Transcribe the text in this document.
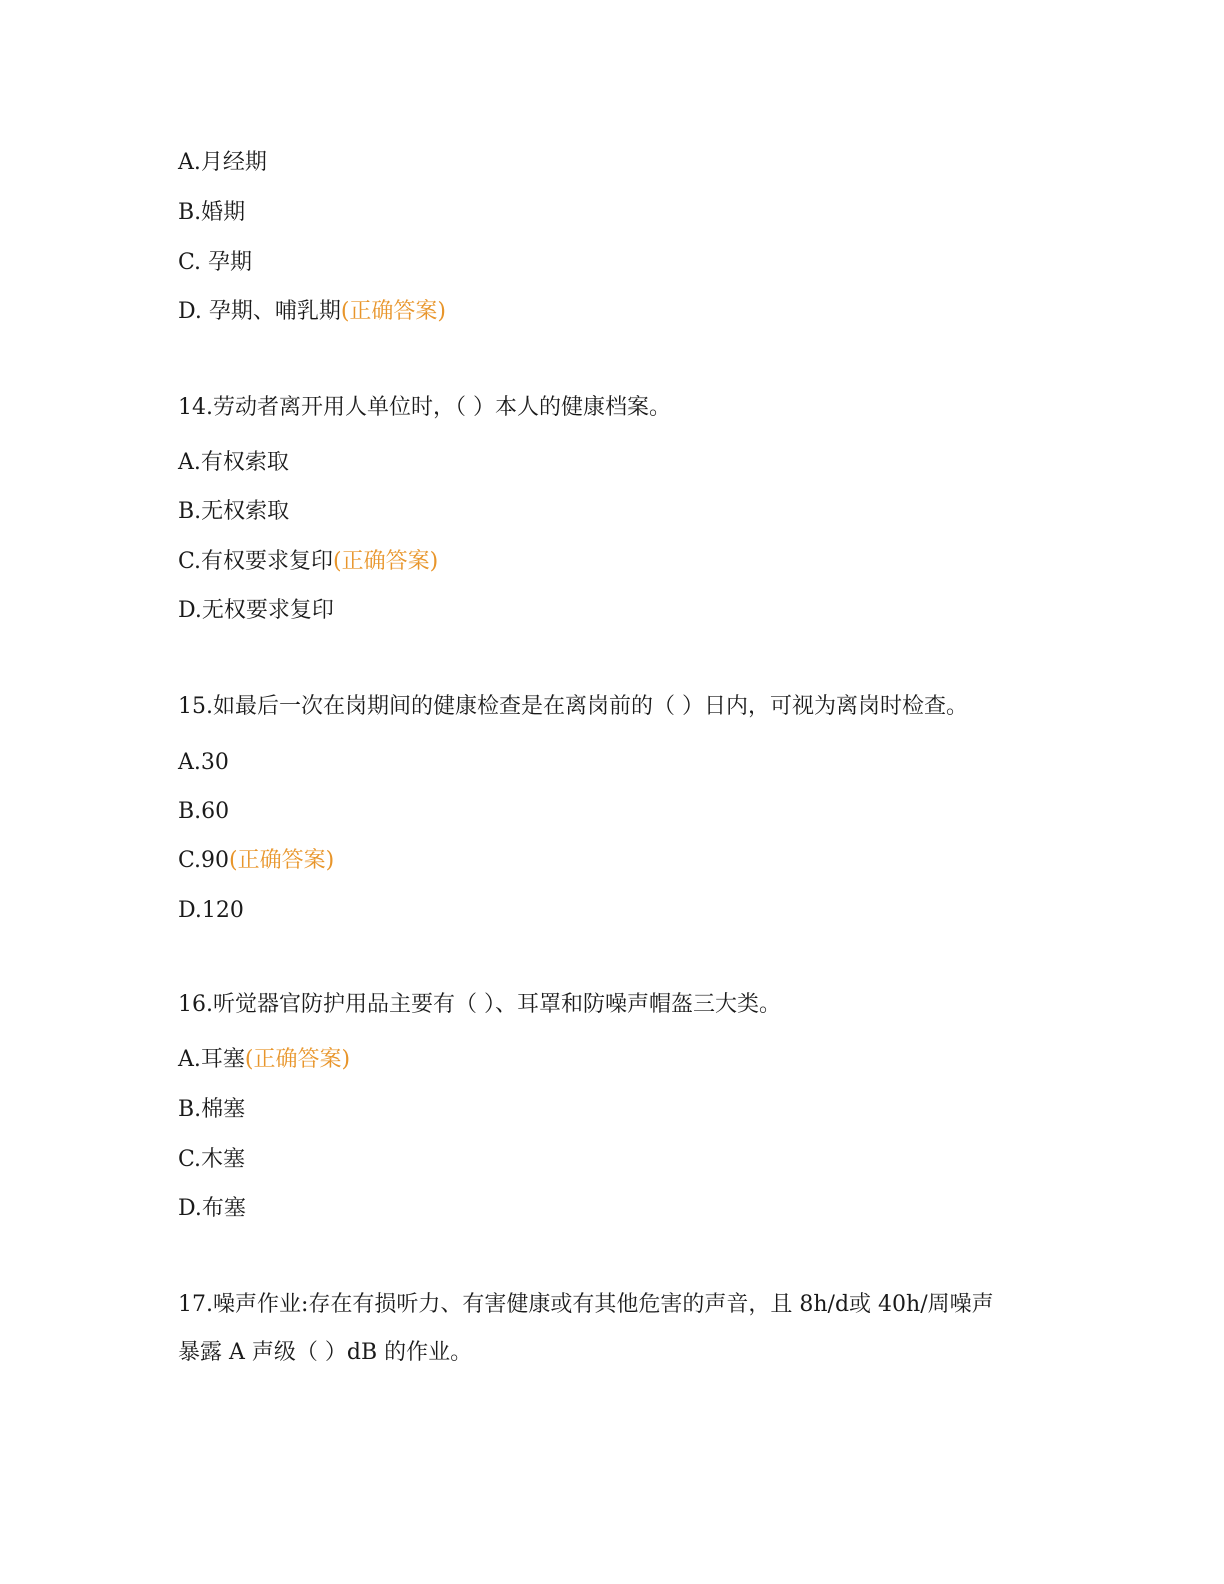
A.月经期
B.婚期
C. 孕期
D. 孕期、哺乳期(正确答案)
14.劳动者离开用人单位时，（ ）本人的健康档案。
A.有权索取
B.无权索取
C.有权要求复印(正确答案)
D.无权要求复印
15.如最后一次在岗期间的健康检查是在离岗前的（ ）日内，可视为离岗时检查。
A.30
B.60
C.90(正确答案)
D.120
16.听觉器官防护用品主要有（ ）、耳罩和防噪声帽盔三大类。
A.耳塞(正确答案)
B.棉塞
C.木塞
D.布塞
17.噪声作业:存在有损听力、有害健康或有其他危害的声音，且 8h/d或 40h/周噪声
暴露 A 声级（ ）dB 的作业。
